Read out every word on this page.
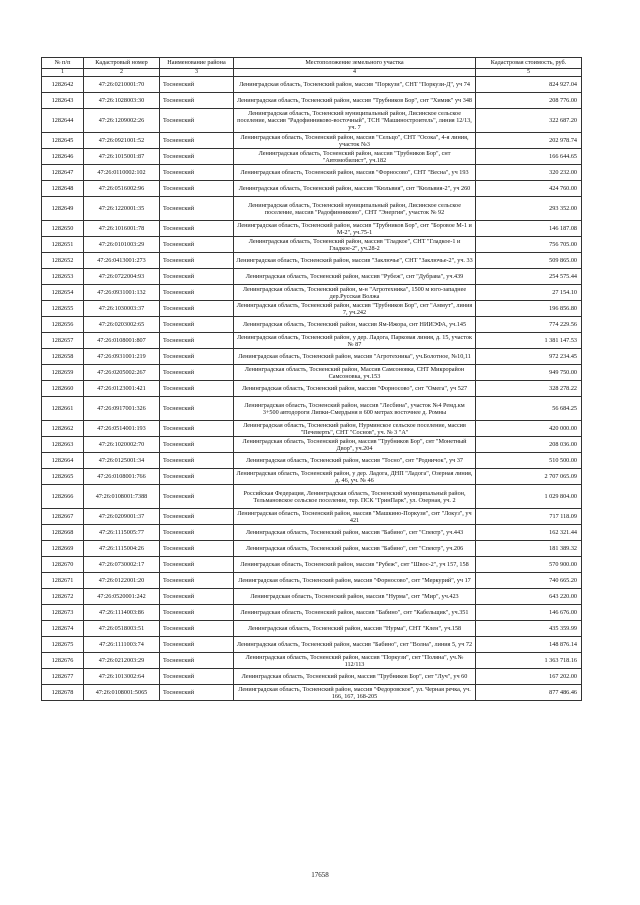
№ п/п	Кадастровый номер	Наименование района	Местоположение земельного участка	Кадастровая стоимость, руб.
1	2	3	4	5
1282642	47:26:0210001:70	Тосненский	Ленинградская область, Тосненский район, массив "Поркузи", СНТ "Поркузи-Д", уч 74	824 927.04
1282643	47:26:1028003:30	Тосненский	Ленинградская область, Тосненский район, массив "Трубников Бор", снт "Химик" уч 348	208 776.00
1282644	47:26:1209002:26	Тосненский	Ленинградская область, Тосненский муниципальный район, Лисинское сельское поселение, массив "Радофинниково-восточный", ТСН "Машиностроитель", линия 12/13, уч. 7	322 687.20
1282645	47:26:0921001:52	Тосненский	Ленинградская область, Тосненский район, массив "Сельцо", СНТ "Осока", 4-я линия, участок №3	202 978.74
1282646	47:26:1015001:87	Тосненский	Ленинградская область, Тосненский район, массив "Трубников Бор", снт "Автомобилист", уч.182	166 644.65
1282647	47:26:0110002:102	Тосненский	Ленинградская область, Тосненский район, массив "Форносово", СНТ "Весна", уч 193	320 232.00
1282648	47:26:0516002:96	Тосненский	Ленинградская область, Тосненский район, массив "Кюльвия", снт "Кюльвия-2", уч 260	424 760.00
1282649	47:26:1220001:35	Тосненский	Ленинградская область, Тосненский муниципальный район, Лисинское сельское поселение, массив "Радофинниково", СНТ "Энергия", участок № 92	293 352.00
1282650	47:26:1016001:78	Тосненский	Ленинградская область, Тосненский район, массив "Трубников Бор", снт "Боровое М-1 и М-2", уч.75-1	146 187.08
1282651	47:26:0101003:29	Тосненский	Ленинградская область, Тосненский район, массив "Гладкое", СНТ "Гладкое-1 и Гладкое-2", уч.28-2	756 705.00
1282652	47:26:0413001:273	Тосненский	Ленинградская область, Тосненский район, массив "Заключье", СНТ "Заключье-2", уч. 33	509 865.00
1282653	47:26:0722004:93	Тосненский	Ленинградская область, Тосненский район, массив "Рубеж", снт "Дубрава", уч.439	254 575.44
1282654	47:26:0931001:132	Тосненский	Ленинградская область, Тосненский район, м-н "Агротехника", 1500 м юго-западнее дер.Русская Волжа	27 154.10
1282655	47:26:1030003:37	Тосненский	Ленинградская область, Тосненский район, массив "Трубников Бор", снт "Аммут", линия 7, уч.242	196 856.80
1282656	47:26:0203002:65	Тосненский	Ленинградская область, Тосненский район, массив Ям-Ижора, снт НИИЭФА, уч.145	774 229.56
1282657	47:26:0108001:807	Тосненский	Ленинградская область, Тосненский район, у дер. Ладога, Парковая линия, д. 15, участок № 87	1 381 147.53
1282658	47:26:0931001:219	Тосненский	Ленинградская область, Тосненский район, массив "Агротехника", уч.Болотное, №10,11	972 234.45
1282659	47:26:0205002:267	Тосненский	Ленинградская область, Тосненский район, Массив Самсоновка, СНТ Микрорайон Самсоновка, уч.153	949 750.00
1282660	47:26:0123001:421	Тосненский	Ленинградская область, Тосненский район, массив "Форносово", снт "Омега", уч 527	328 278.22
1282661	47:26:0917001:326	Тосненский	Ленинградская область, Тосненский район, массив "Лесбина", участок №4 Ремд.км 3+500 автодороги Липки-Смердыня в 600 метрах восточнее д. Ромны	56 684.25
1282662	47:26:0514001:193	Тосненский	Ленинградская область, Тосненский район, Нурминское сельское поселение, массив "Печеверть", СНТ "Соснов", уч. № 3 "А"	420 000.00
1282663	47:26:1020002:70	Тосненский	Ленинградская область, Тосненский район, массив "Трубников Бор", снт "Монетный Двор", уч.204	208 036.00
1282664	47:26:0125001:34	Тосненский	Ленинградская область, Тосненский район, массив "Тосно", снт "Родничок", уч 37	510 500.00
1282665	47:26:0108001:766	Тосненский	Ленинградская область, Тосненский район, у дер. Ладога, ДНП "Ладога", Озерная линия, д. 46, уч. № 46	2 707 065.09
1282666	47:26:0108001:7388	Тосненский	Российская Федерация, Ленинградская область, Тосненский муниципальный район, Тельмановское сельское поселение, тер. ПСК "ГринПарк", ул. Озерная, уч. 2	1 029 804.00
1282667	47:26:0209001:37	Тосненский	Ленинградская область, Тосненский район, массив "Машкино-Поркузи", снт "Локуз", уч 421	717 118.09
1282668	47:26:1115005:77	Тосненский	Ленинградская область, Тосненский район, массив "Бабино", снт "Спектр", уч.443	162 321.44
1282669	47:26:1115004:26	Тосненский	Ленинградская область, Тосненский район, массив "Бабино", снт "Спектр", уч.206	181 389.32
1282670	47:26:0730002:17	Тосненский	Ленинградская область, Тосненский район, массив "Рубеж", снт "Швос-2", уч 157, 158	570 900.00
1282671	47:26:0122001:20	Тосненский	Ленинградская область, Тосненский район, массив "Форносово", снт "Меркурий", уч 17	740 665.20
1282672	47:26:0520001:242	Тосненский	Ленинградская область, Тосненский район, массив "Нурма", снт "Мир", уч.423	643 220.00
1282673	47:26:1114003:86	Тосненский	Ленинградская область, Тосненский район, массив "Бабино", снт "Кабельщик", уч.351	146 676.00
1282674	47:26:0518003:51	Тосненский	Ленинградская область, Тосненский район, массив "Нурма", СНТ "Клен", уч.158	435 359.99
1282675	47:26:1111003:74	Тосненский	Ленинградская область, Тосненский район, массив "Бабино", снт "Волна", линия 5, уч 72	148 876.14
1282676	47:26:0212003:29	Тосненский	Ленинградская область, Тосненский район, массив "Поркузи", снт "Поляна", уч.№ 112/113	1 363 718.16
1282677	47:26:1013002:64	Тосненский	Ленинградская область, Тосненский район, массив "Трубников Бор", снт "Луч", уч 60	167 202.00
1282678	47:26:0108001:5065	Тосненский	Ленинградская область, Тосненский район, массив "Федоровское", ул. Черная речка, уч. 166, 167, 168-205	877 486.46
17658
